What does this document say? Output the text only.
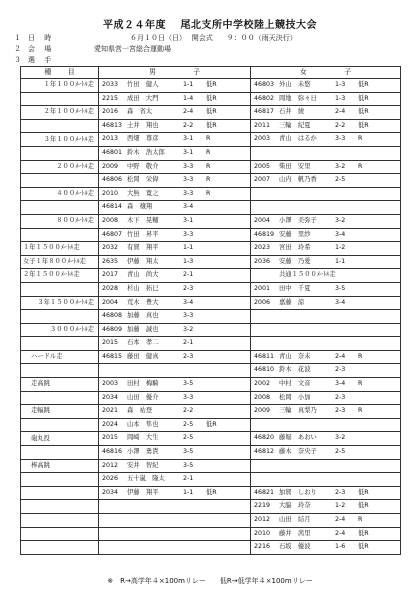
平成２４年度　 尾北支所中学校陸上競技大会
１ 日　 時	６月１０日（日）　 開会式　　９：００（雨天決行）
２ 会　 場	愛知県営一宮総合運動場
３ 選　 手
種　　 目	男　　　　　 子	女　　　　　 子
１年１００ﾒｰﾄﾙ走	2033 竹田　健人 1-1 低R	46803 外山　未悠 1-3 低R

	2215 成田　大門 1-4 低R	46802 岡地　弥々日 1-3 低R

２年１００ﾒｰﾄﾙ走	2016 森　省太 2-4 低R	46817 石井　綾 2-4 低R

	46813 土井　翔也 2-2 低R	2011 三輪　紀夏 2-2 低R

３年１００ﾒｰﾄﾙ走	2013 西畑　尊彦 3-1 R	2003 青山　はるか 3-3 R

	46801 鈴木　浩太郎 3-1 R	

２００ﾒｰﾄﾙ走	2009 中野　敬介 3-3 R	2005 柴田　安里 3-2 R

	46806 松岡　栄偉 3-3 R	2007 山内　帆乃香 2-5

４００ﾒｰﾄﾙ走	2010 大無　寛之 3-3 R	

	46814 森　穣翔 3-4	

８００ﾒｰﾄﾙ走	2008 木下　晃輔 3-1	2004 小澤　美弥子 3-2

	46807 竹田　昇平 3-3	46819 安藤　里紗 3-4

１年１５００ﾒｰﾄﾙ走	2032 有賀　翔平 1-1	2023 宮田　玲希 1-2

女子１年８００ﾒｰﾄﾙ走	2635 伊藤　翔太 1-3	2036 安藤　乃愛 1-1

２年１５００ﾒｰﾄﾙ走	2017 青山　尚大 2-1	共通１５００ﾒｰﾄﾙ走

	2028 杉山　拓巳 2-3	2001 田中　千夏 3-5

３年１５００ﾒｰﾄﾙ走	2004 荒木　豊大 3-4	2006 嘉藤　涼 3-4

	46808 加藤　真也 3-3	

３０００ﾒｰﾄﾙ走	46809 加藤　誠也 3-2	

	2015 石本　孝二 2-1	

ハードル走	46815 藤田　健真 2-3	46811 青山　奈未 2-4 R

		46810 鈴木　花波 2-3

走高跳	2003 田村　梅騎 3-5	2002 中村　文音 3-4 R

	2034 山田　優介 3-3	2008 松岡　小加 2-3

走幅跳	2021 森　祐登 2-2	2009 三輪　真梨乃 2-3 R

	2024 山本　隼也 2-5 低R	

砲丸投	2015 岡崎　大生 2-5	46820 藤堀　あおい 3-2

	46816 小澤　勇貴 3-5	46812 藤木　奈央子 2-5

棒高跳	2012 安井　智紀 3-5	

	2026 五十嵐　隆太 2-1	

	2034 伊藤　翔平 1-1 低R	46821 加賀　しおり 2-3 低R

		2219 大脇　玲奈 1-2 低R

		2012 山田　結月 2-4 R

		2010 藤井　茜里 2-4 低R

		2216 石坂　優波 1-6 低R
※　R→高学年４×100mリレー　　低R→低学年４×100mリレー
